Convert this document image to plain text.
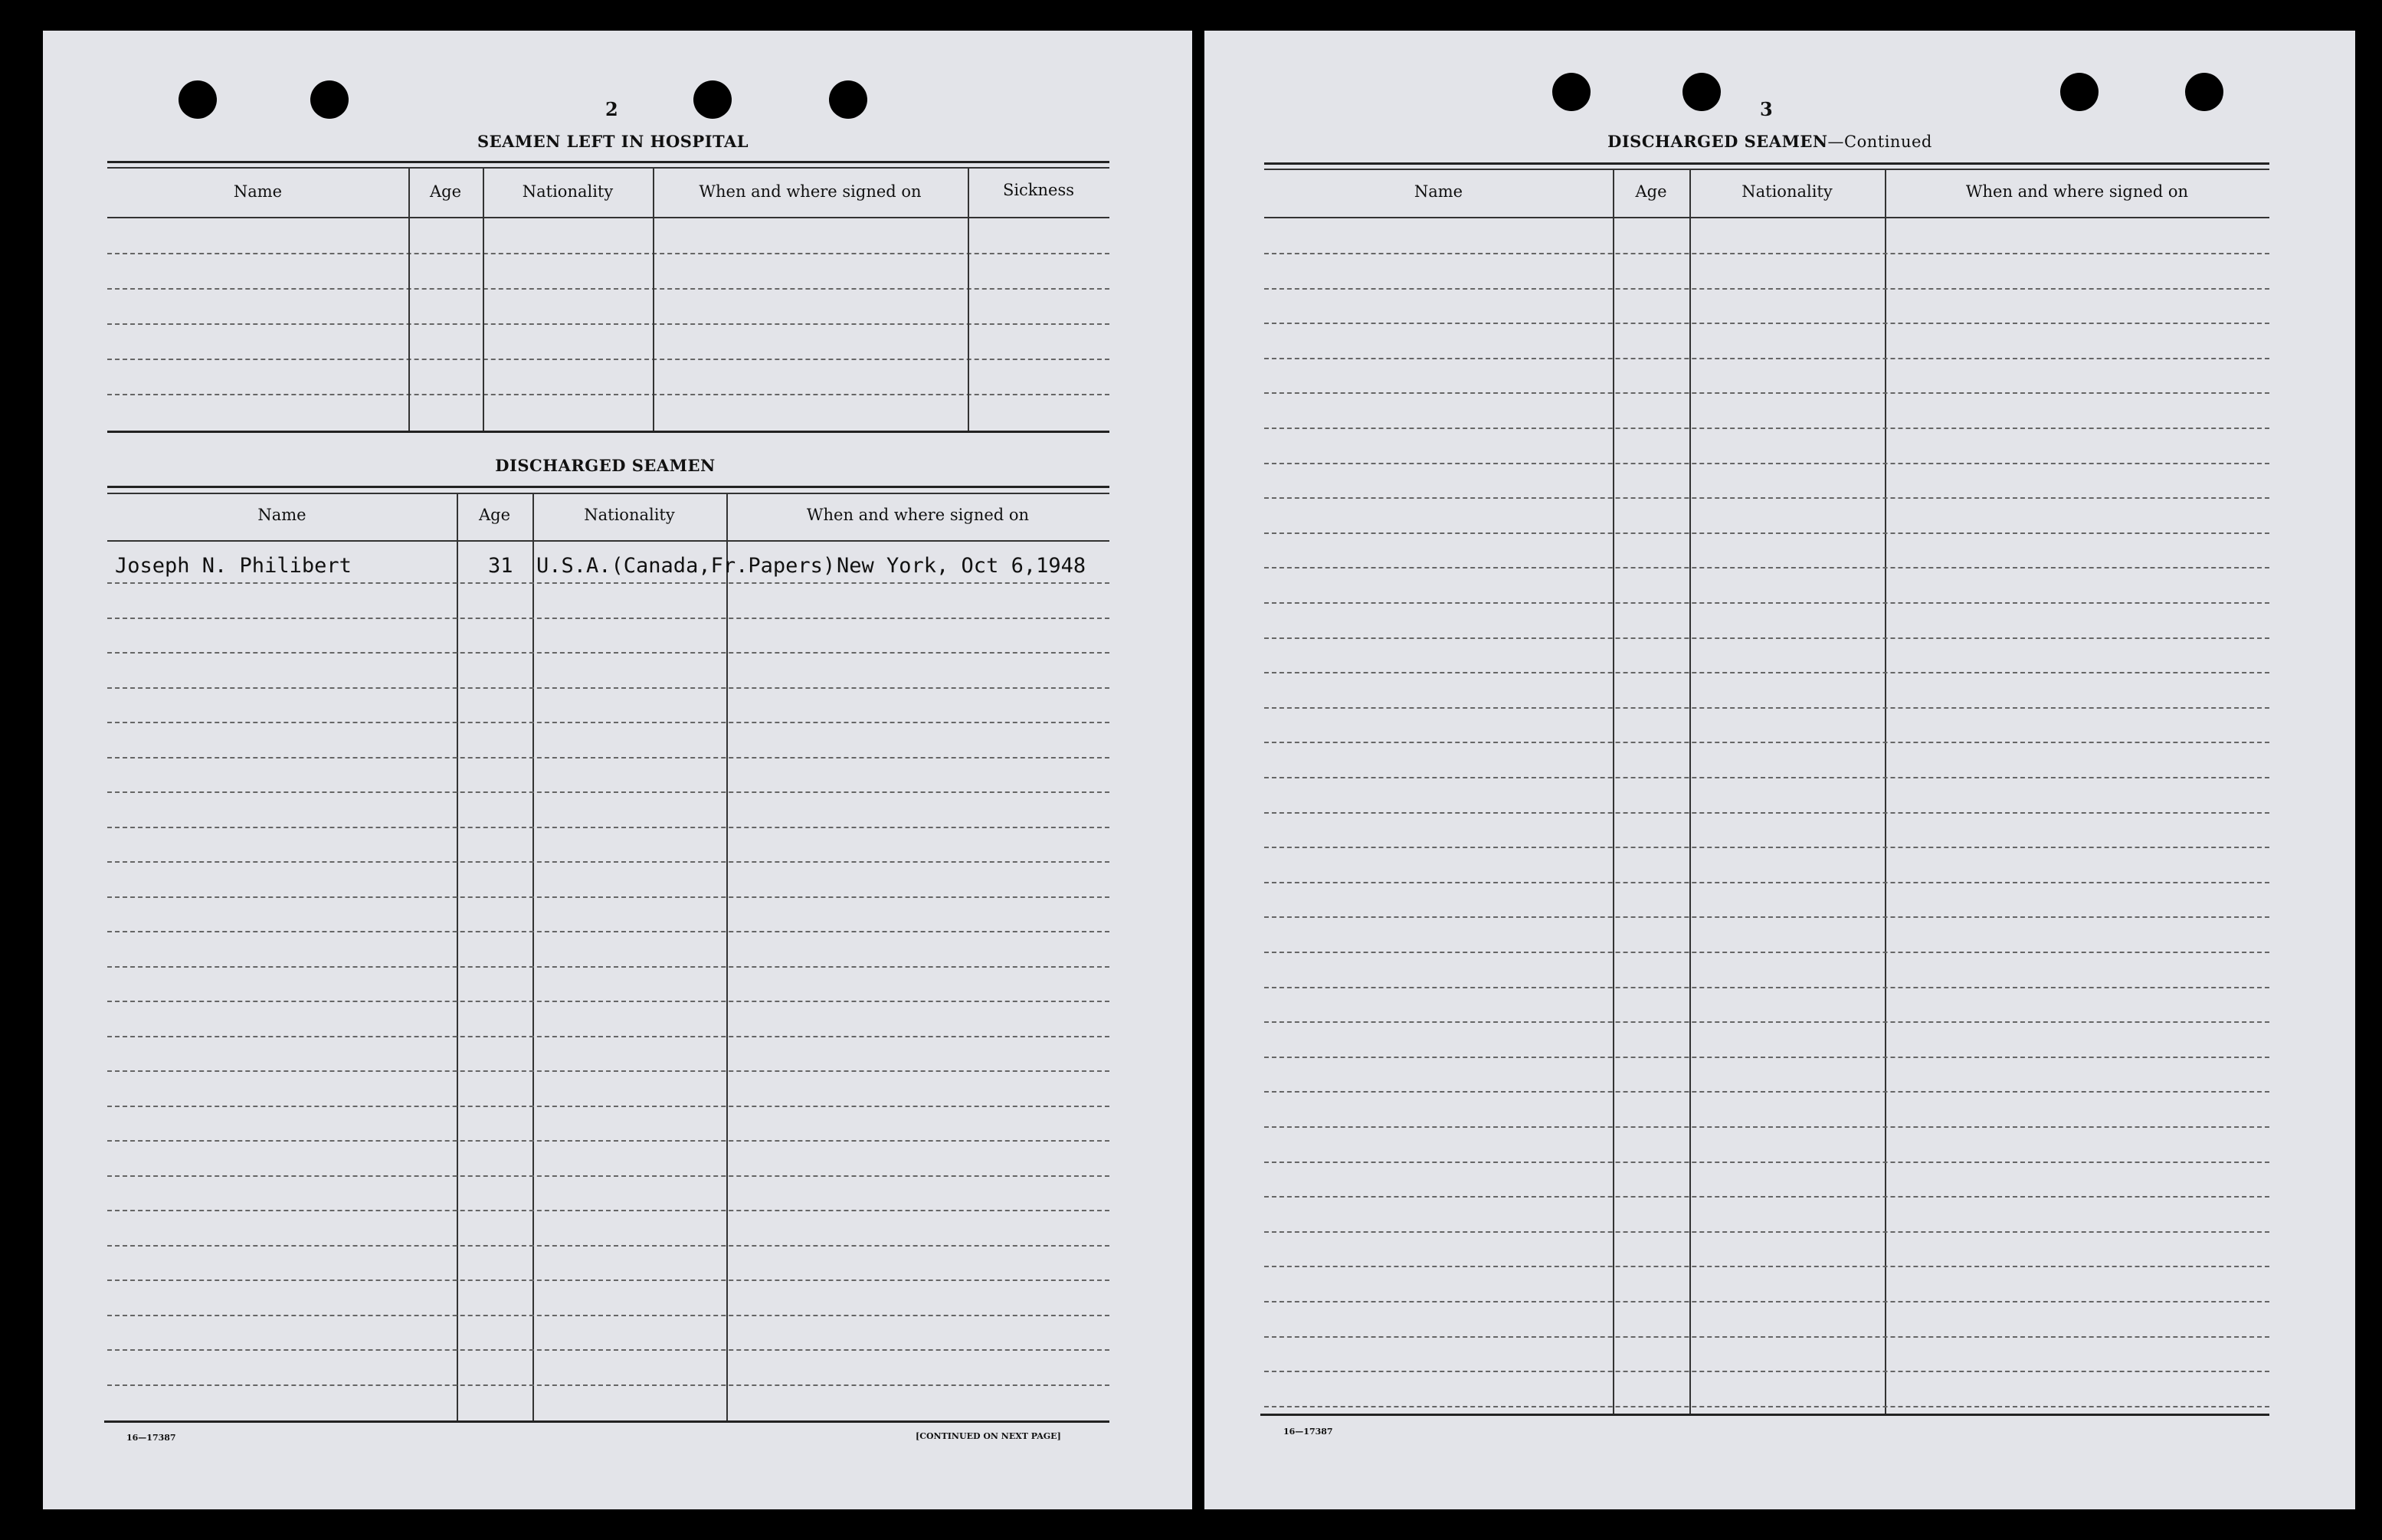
2
SEAMEN LEFT IN HOSPITAL
Name	Age	Nationality	When and where signed on	Sickness
DISCHARGED SEAMEN
Name	Age	Nationality	When and where signed on
Joseph N. Philibert	31 U.S.A.(Canada,Fr.Papers) New York, Oct 6,1948
16—17387	[CONTINUED ON NEXT PAGE]
3
DISCHARGED SEAMEN—Continued
Name	Age	Nationality	When and where signed on
16—17387
